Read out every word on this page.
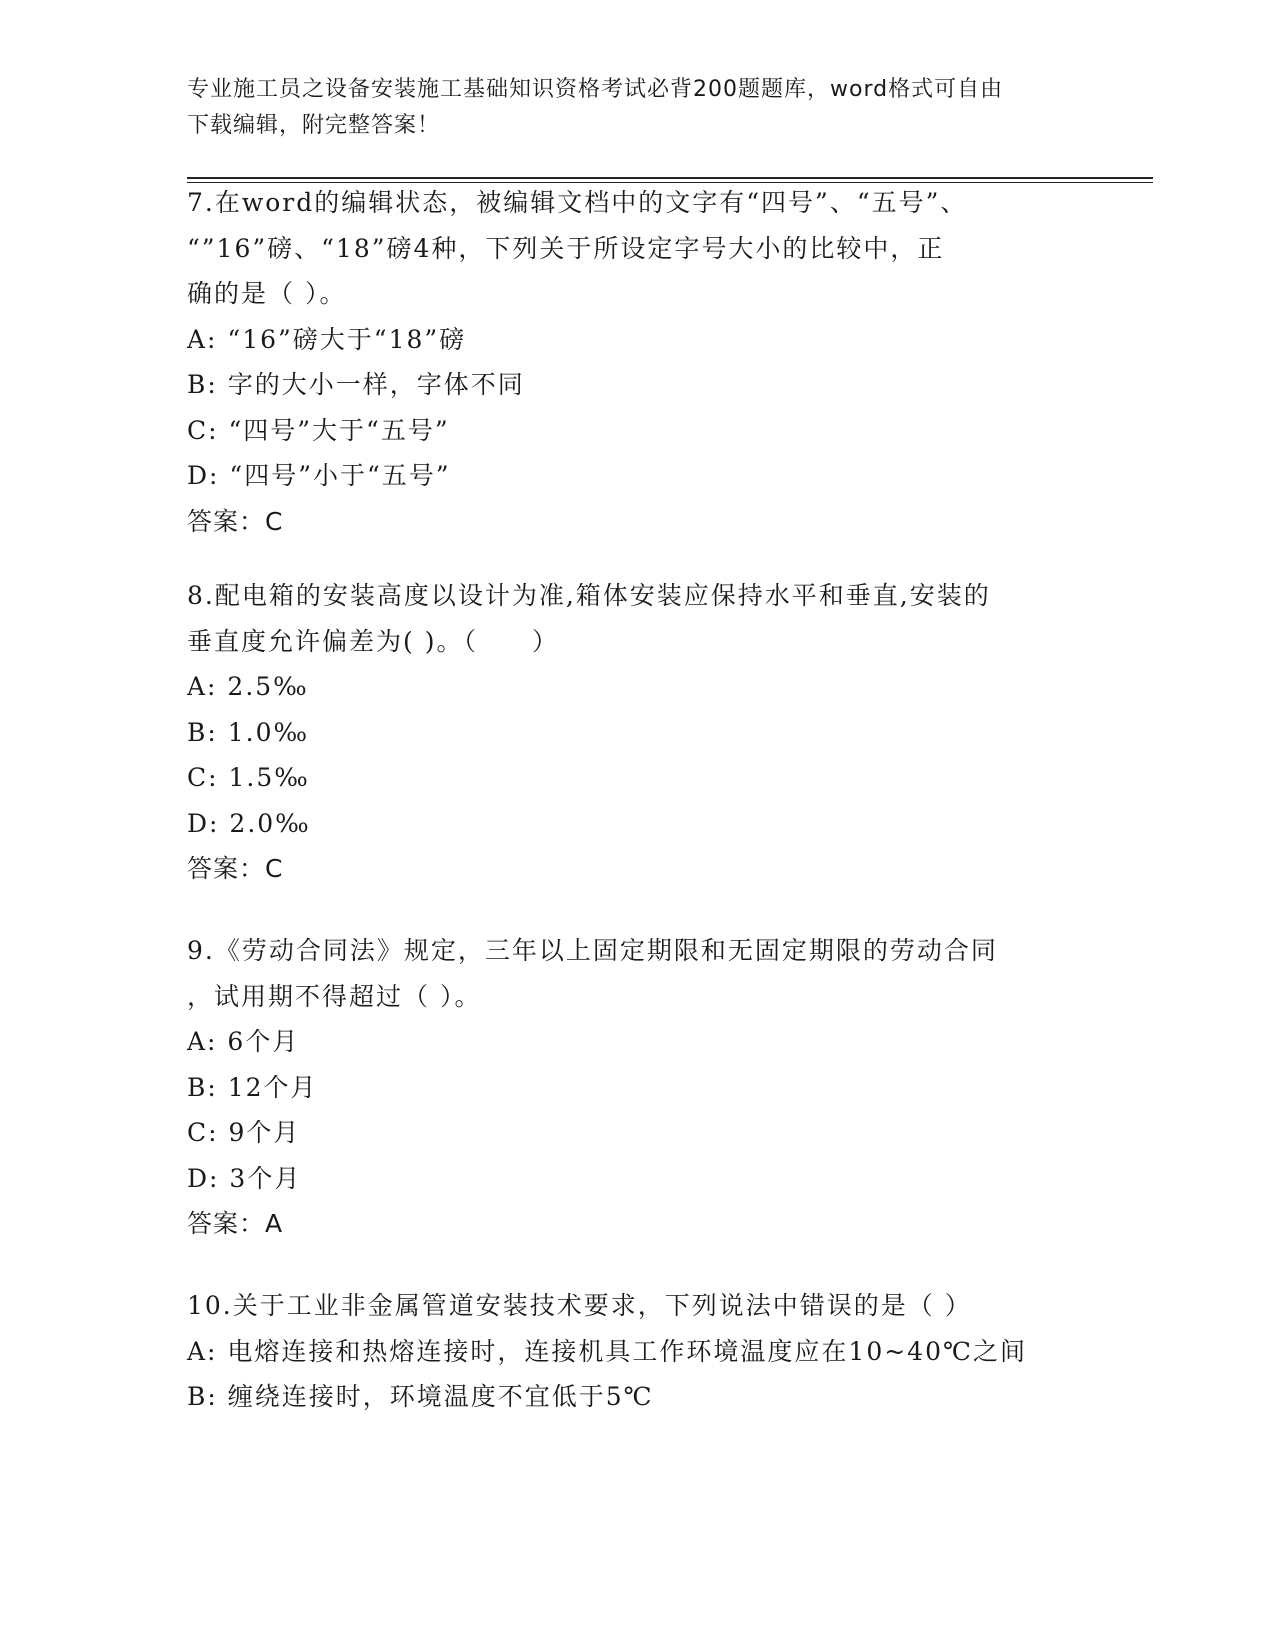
专业施工员之设备安装施工基础知识资格考试必背200题题库，word格式可自由
下载编辑，附完整答案！
7.在word的编辑状态，被编辑文档中的文字有“四号”、“五号”、
“”16”磅、“18”磅4种，下列关于所设定字号大小的比较中，正
确的是（ ）。
A: “16”磅大于“18”磅
B: 字的大小一样，字体不同
C: “四号”大于“五号”
D: “四号”小于“五号”
答案：C
8.配电箱的安装高度以设计为准,箱体安装应保持水平和垂直,安装的
垂直度允许偏差为( )。（　　）
A: 2.5‰
B: 1.0‰
C: 1.5‰
D: 2.0‰
答案：C
9.《劳动合同法》规定，三年以上固定期限和无固定期限的劳动合同
，试用期不得超过（ ）。
A: 6个月
B: 12个月
C: 9个月
D: 3个月
答案：A
10.关于工业非金属管道安装技术要求，下列说法中错误的是（ ）
A: 电熔连接和热熔连接时，连接机具工作环境温度应在10~40℃之间
B: 缠绕连接时，环境温度不宜低于5℃
